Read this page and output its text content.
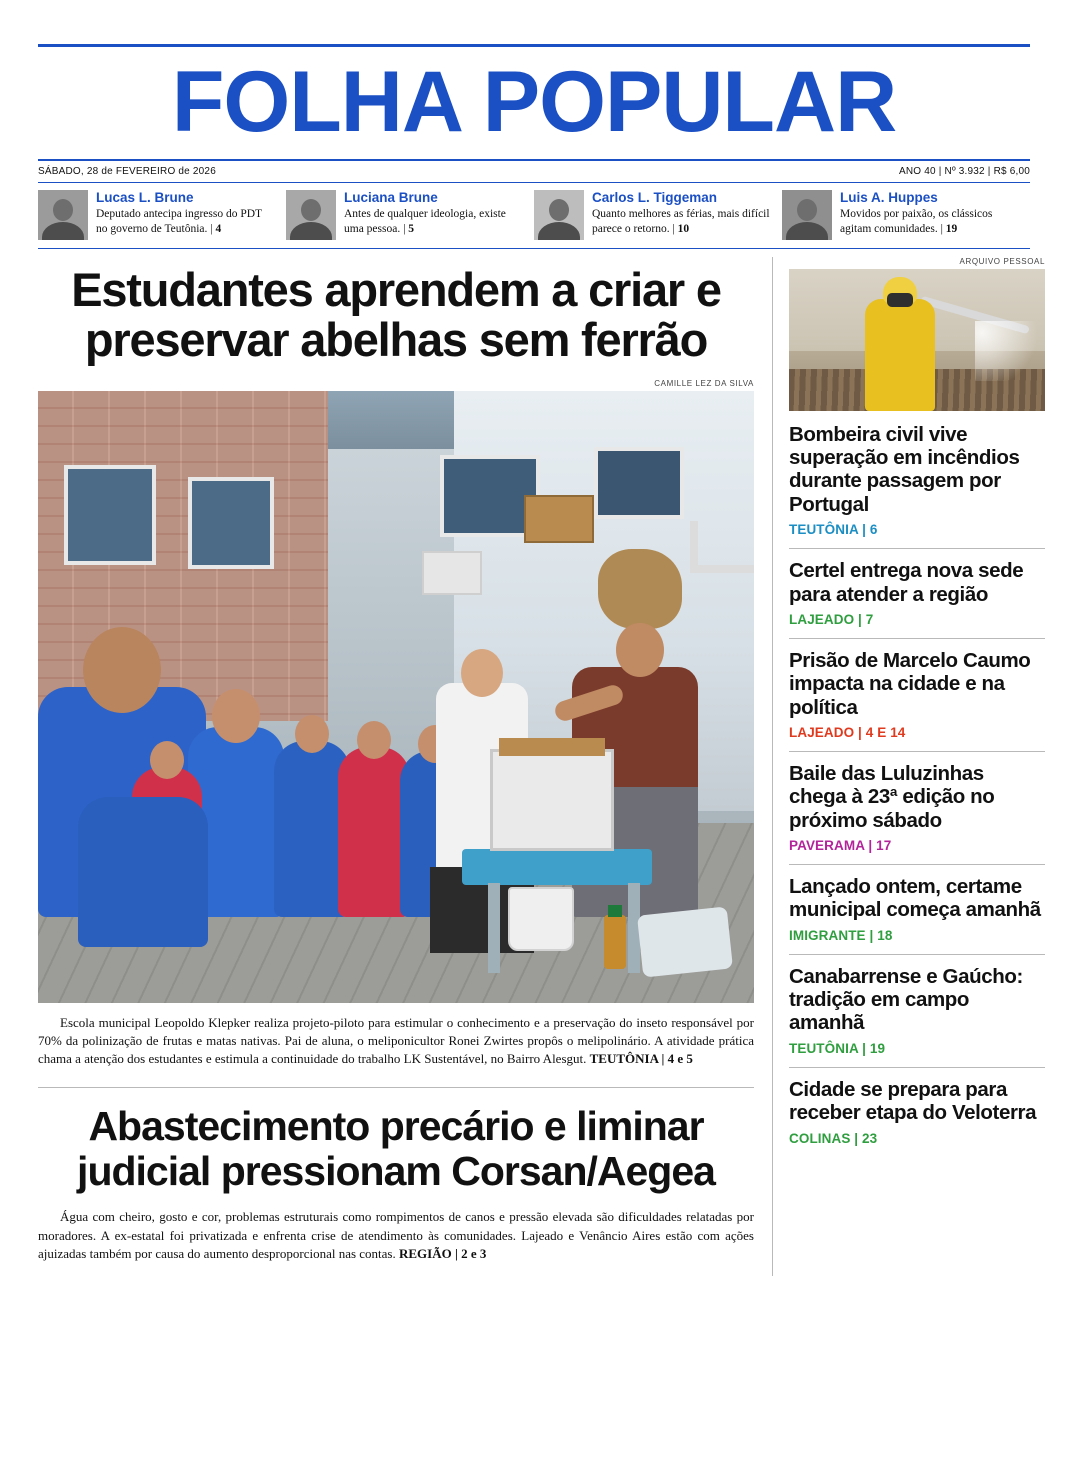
FOLHA POPULAR
SÁBADO, 28 de FEVEREIRO de 2026	ANO 40 | Nº 3.932 | R$ 6,00
Lucas L. Brune
Deputado antecipa ingresso do PDT no governo de Teutônia. | 4
Luciana Brune
Antes de qualquer ideologia, existe uma pessoa. | 5
Carlos L. Tiggeman
Quanto melhores as férias, mais difícil parece o retorno. | 10
Luis A. Huppes
Movidos por paixão, os clássicos agitam comunidades. | 19
Estudantes aprendem a criar e preservar abelhas sem ferrão
CAMILLE LEZ DA SILVA

Escola municipal Leopoldo Klepker realiza projeto-piloto para estimular o conhecimento e a preservação do inseto responsável por 70% da polinização de frutas e matas nativas. Pai de aluna, o meliponicultor Ronei Zwirtes propôs o melipolinário. A atividade prática chama a atenção dos estudantes e estimula a continuidade do trabalho LK Sustentável, no Bairro Alesgut. TEUTÔNIA | 4 e 5

Abastecimento precário e liminar judicial pressionam Corsan/Aegea

Água com cheiro, gosto e cor, problemas estruturais como rompimentos de canos e pressão elevada são dificuldades relatadas por moradores. A ex-estatal foi privatizada e enfrenta crise de atendimento às comunidades. Lajeado e Venâncio Aires estão com ações ajuizadas também por causa do aumento desproporcional nas contas. REGIÃO | 2 e 3

ARQUIVO PESSOAL
Bombeira civil vive superação em incêndios durante passagem por Portugal
TEUTÔNIA | 6
Certel entrega nova sede para atender a região
LAJEADO | 7
Prisão de Marcelo Caumo impacta na cidade e na política
LAJEADO | 4 E 14
Baile das Luluzinhas chega à 23ª edição no próximo sábado
PAVERAMA | 17
Lançado ontem, certame municipal começa amanhã
IMIGRANTE | 18
Canabarrense e Gaúcho: tradição em campo amanhã
TEUTÔNIA | 19
Cidade se prepara para receber etapa do Veloterra
COLINAS | 23
